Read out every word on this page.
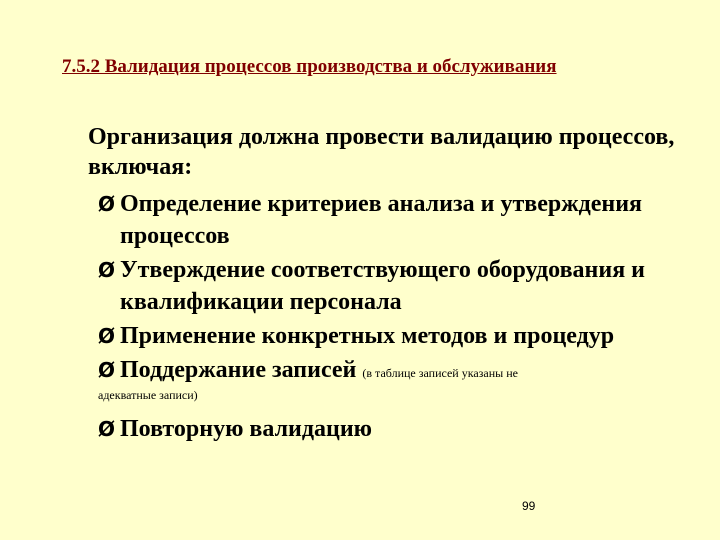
7.5.2 Валидация процессов производства и обслуживания
Организация должна провести валидацию процессов, включая:
Ø Определение критериев анализа и утверждения процессов
Ø Утверждение соответствующего оборудования и квалификации персонала
Ø Применение конкретных методов и процедур
Ø Поддержание записей (в таблице записей указаны не
адекватные записи)
Ø Повторную валидацию
99
